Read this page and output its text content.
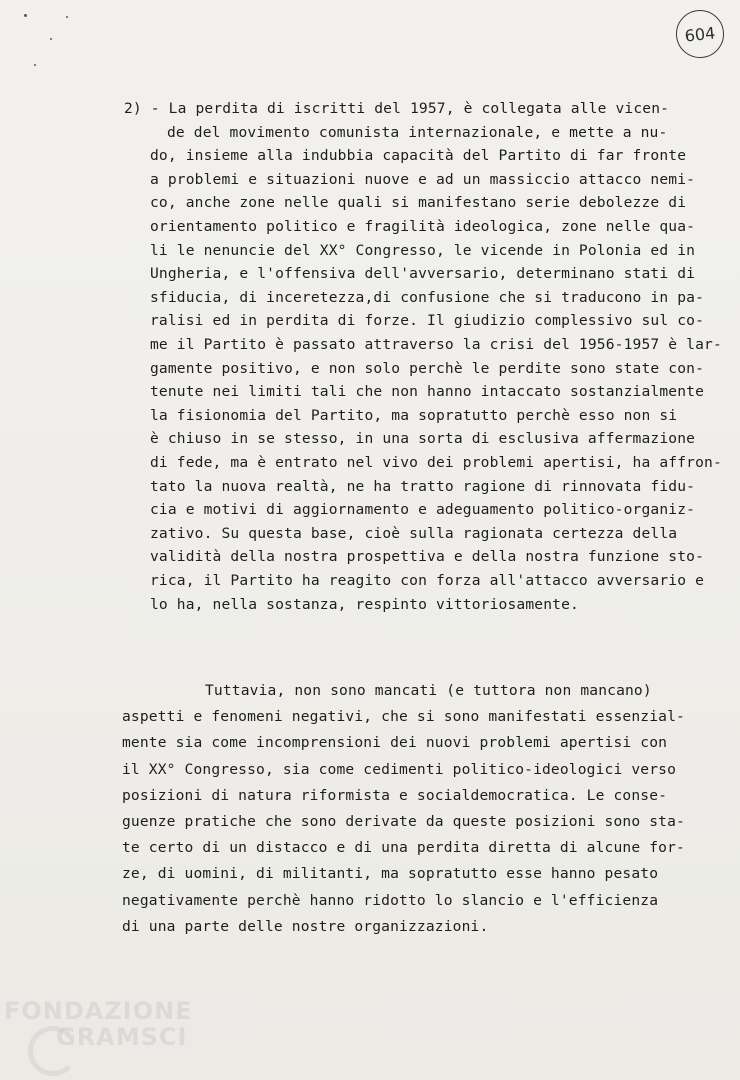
604
2) - La perdita di iscritti del 1957, è collegata alle vicen-
de del movimento comunista internazionale, e mette a nu-
do, insieme alla indubbia capacità del Partito di far fronte
a problemi e situazioni nuove e ad un massiccio attacco nemi-
co, anche zone nelle quali si manifestano serie debolezze di
orientamento politico e fragilità ideologica, zone nelle qua-
li le nenuncie del XX° Congresso, le vicende in Polonia ed in
Ungheria, e l'offensiva dell'avversario, determinano stati di
sfiducia, di inceretezza,di confusione che si traducono in pa-
ralisi ed in perdita di forze. Il giudizio complessivo sul co-
me il Partito è passato attraverso la crisi del 1956-1957 è lar-
gamente positivo, e non solo perchè le perdite sono state con-
tenute nei limiti tali che non hanno intaccato sostanzialmente
la fisionomia del Partito, ma sopratutto perchè esso non si
è chiuso in se stesso, in una sorta di esclusiva affermazione
di fede, ma è entrato nel vivo dei problemi apertisi, ha affron-
tato la nuova realtà, ne ha tratto ragione di rinnovata fidu-
cia e motivi di aggiornamento e adeguamento politico-organiz-
zativo. Su questa base, cioè sulla ragionata certezza della
validità della nostra prospettiva e della nostra funzione sto-
rica, il Partito ha reagito con forza all'attacco avversario e
lo ha, nella sostanza, respinto vittoriosamente.
Tuttavia, non sono mancati (e tuttora non mancano)
aspetti e fenomeni negativi, che si sono manifestati essenzial-
mente sia come incomprensioni dei nuovi problemi apertisi con
il XX° Congresso, sia come cedimenti politico-ideologici verso
posizioni di natura riformista e socialdemocratica. Le conse-
guenze pratiche che sono derivate da queste posizioni sono sta-
te certo di un distacco e di una perdita diretta di alcune for-
ze, di uomini, di militanti, ma sopratutto esse hanno pesato
negativamente perchè hanno ridotto lo slancio e l'efficienza
di una parte delle nostre organizzazioni.
FONDAZIONE
GRAMSCI
